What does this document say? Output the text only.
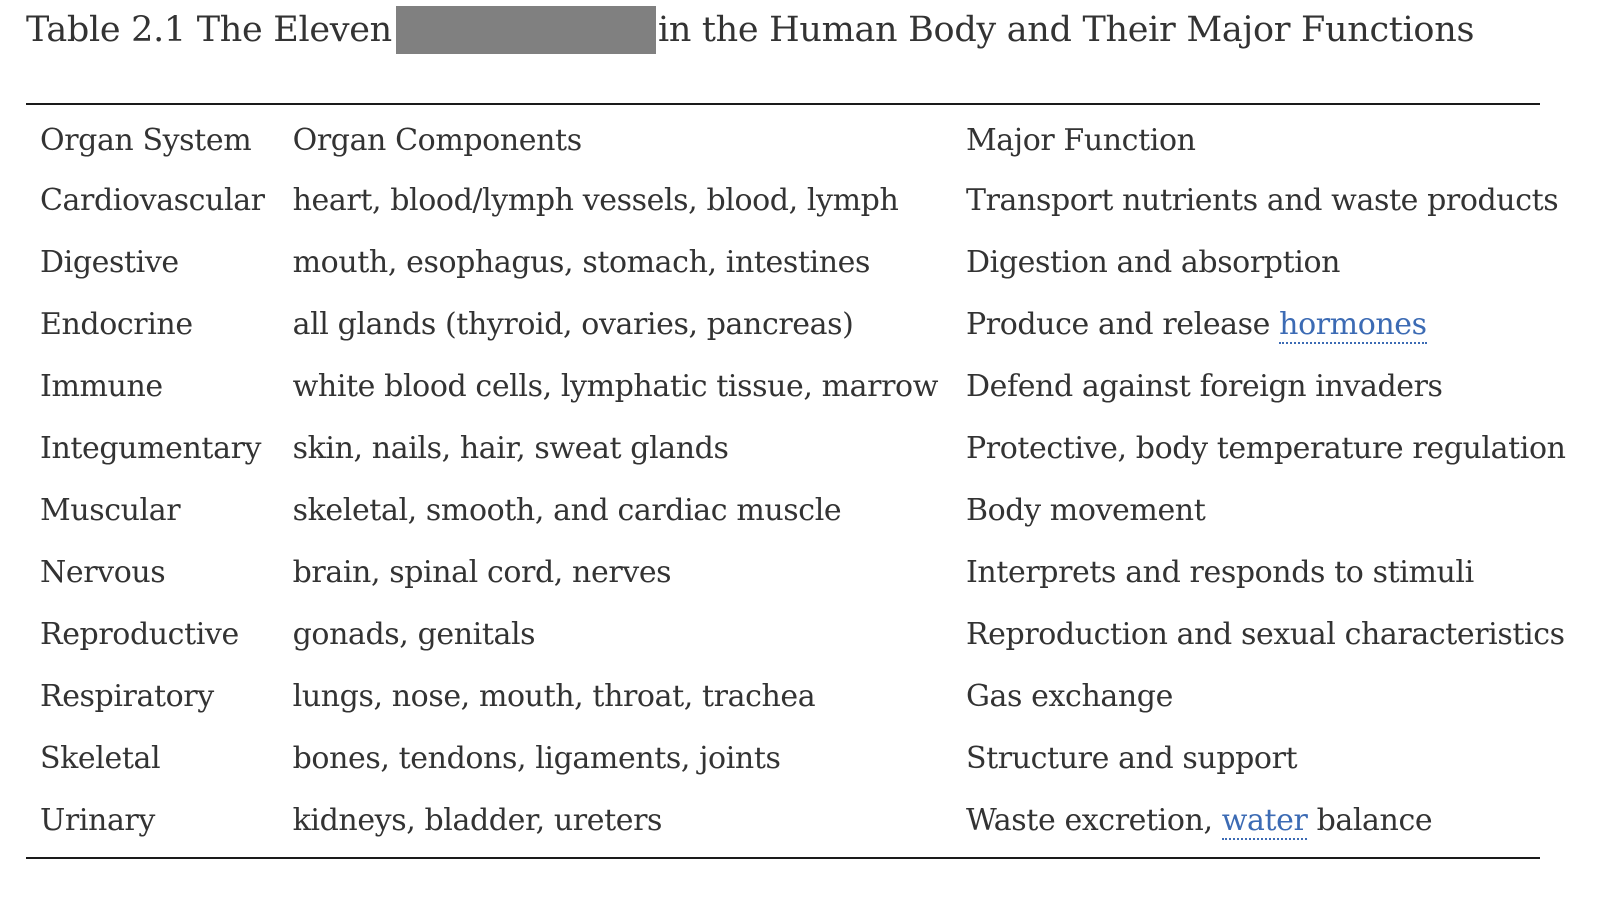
Table 2.1 The Eleven	in the Human Body and Their Major Functions
Organ System	Organ Components	Major Function
Cardiovascular	heart, blood/lymph vessels, blood, lymph	Transport nutrients and waste products
Digestive	mouth, esophagus, stomach, intestines	Digestion and absorption
Endocrine	all glands (thyroid, ovaries, pancreas)	Produce and release hormones
Immune	white blood cells, lymphatic tissue, marrow	Defend against foreign invaders
Integumentary	skin, nails, hair, sweat glands	Protective, body temperature regulation
Muscular	skeletal, smooth, and cardiac muscle	Body movement
Nervous	brain, spinal cord, nerves	Interprets and responds to stimuli
Reproductive	gonads, genitals	Reproduction and sexual characteristics
Respiratory	lungs, nose, mouth, throat, trachea	Gas exchange
Skeletal	bones, tendons, ligaments, joints	Structure and support
Urinary	kidneys, bladder, ureters	Waste excretion, water balance
